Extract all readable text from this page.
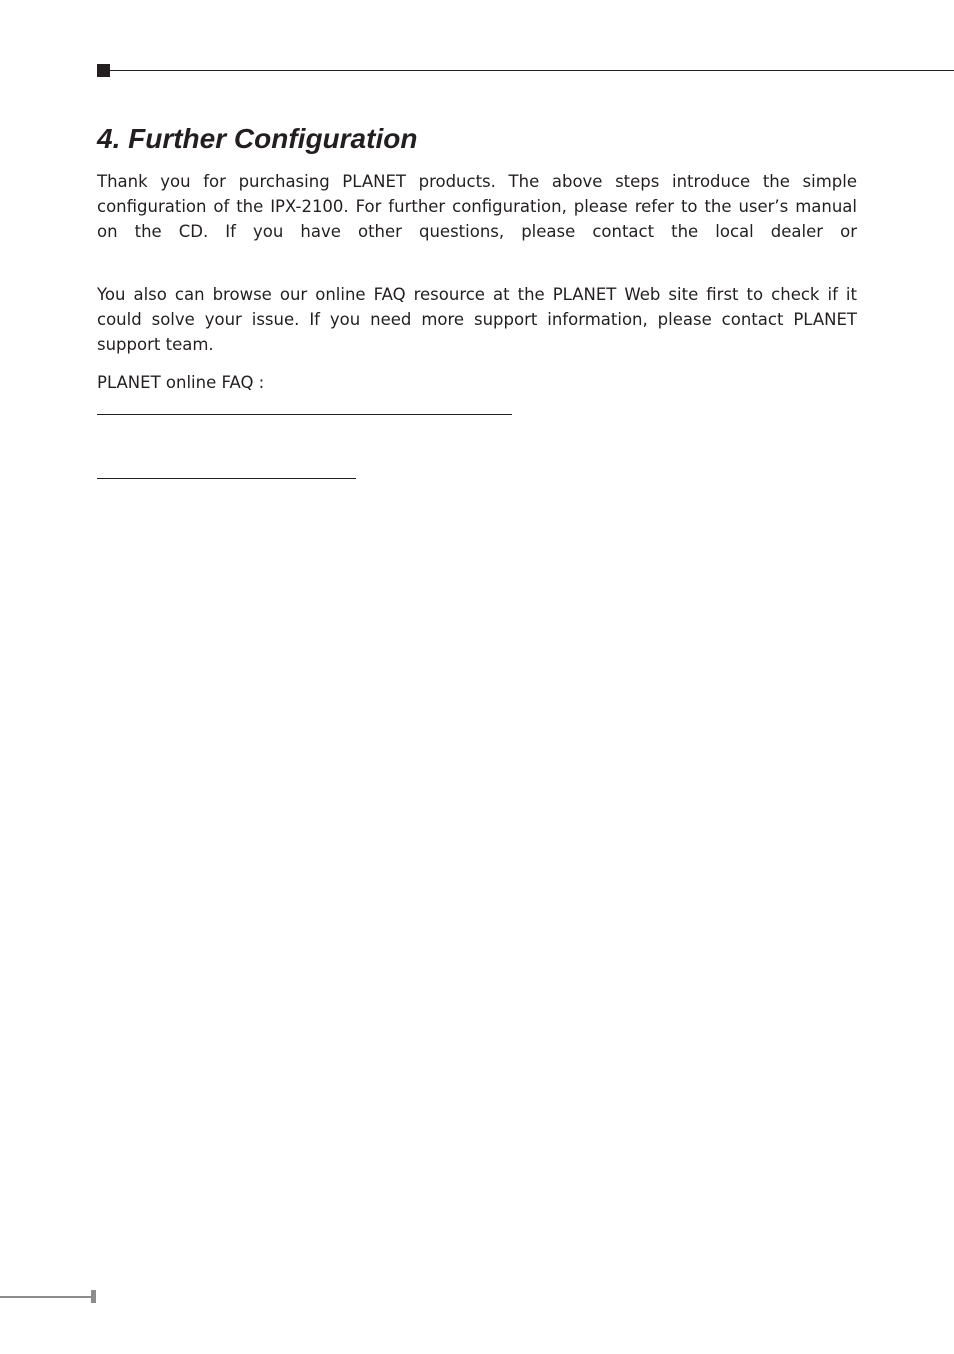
4. Further Configuration

Thank you for purchasing PLANET products. The above steps introduce the simple configuration of the IPX-2100. For further configuration, please refer to the user’s manual on the CD. If you have other questions, please contact the local dealer or

You also can browse our online FAQ resource at the PLANET Web site first to check if it could solve your issue. If you need more support information, please contact PLANET support team.

PLANET online FAQ :
